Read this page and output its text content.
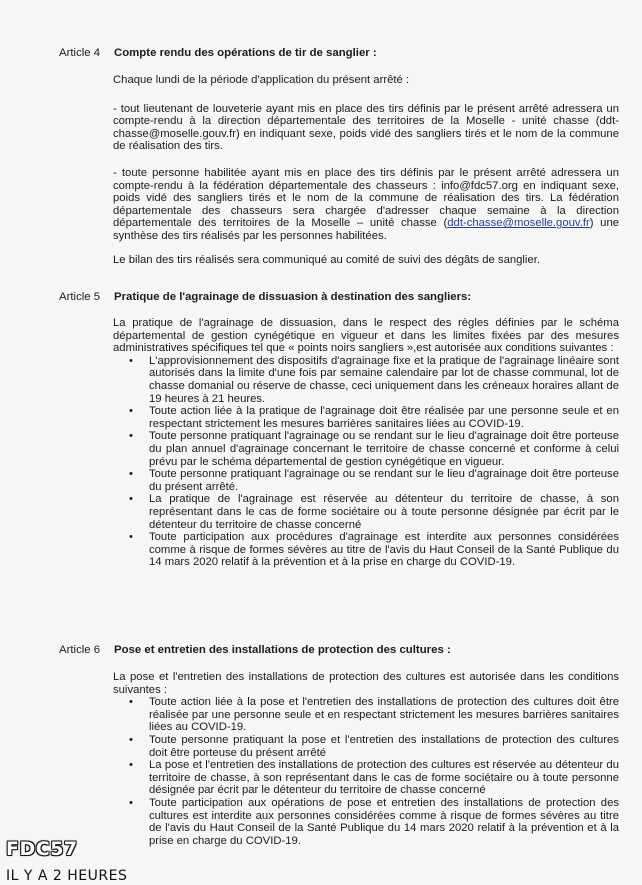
Article 4 Compte rendu des opérations de tir de sanglier :

Chaque lundi de la période d'application du présent arrêté :

- tout lieutenant de louveterie ayant mis en place des tirs définis par le présent arrêté adressera un compte-rendu à la direction départementale des territoires de la Moselle - unité chasse (ddt-chasse@moselle.gouv.fr) en indiquant sexe, poids vidé des sangliers tirés et le nom de la commune de réalisation des tirs.

- toute personne habilitée ayant mis en place des tirs définis par le présent arrêté adressera un compte-rendu à la fédération départementale des chasseurs : info@fdc57.org en indiquant sexe, poids vidé des sangliers tirés et le nom de la commune de réalisation des tirs. La fédération départementale des chasseurs sera chargée d'adresser chaque semaine à la direction départementale des territoires de la Moselle – unité chasse (ddt-chasse@moselle.gouv.fr) une synthèse des tirs réalisés par les personnes habilitées.

Le bilan des tirs réalisés sera communiqué au comité de suivi des dégâts de sanglier.

Article 5 Pratique de l'agrainage de dissuasion à destination des sangliers:

La pratique de l'agrainage de dissuasion, dans le respect des règles définies par le schéma départemental de gestion cynégétique en vigueur et dans les limites fixées par des mesures administratives spécifiques tel que « points noirs sangliers »,est autorisée aux conditions suivantes :

• L'approvisionnement des dispositifs d'agrainage fixe et la pratique de l'agrainage linéaire sont autorisés dans la limite d'une fois par semaine calendaire par lot de chasse communal, lot de chasse domanial ou réserve de chasse, ceci uniquement dans les créneaux horaires allant de 19 heures à 21 heures.
• Toute action liée à la pratique de l'agrainage doit être réalisée par une personne seule et en respectant strictement les mesures barrières sanitaires liées au COVID-19.
• Toute personne pratiquant l'agrainage ou se rendant sur le lieu d'agrainage doit être porteuse du plan annuel d'agrainage concernant le territoire de chasse concerné et conforme à celui prévu par le schéma départemental de gestion cynégétique en vigueur.
• Toute personne pratiquant l'agrainage ou se rendant sur le lieu d'agrainage doit être porteuse du présent arrêté.
• La pratique de l'agrainage est réservée au détenteur du territoire de chasse, à son représentant dans le cas de forme sociétaire ou à toute personne désignée par écrit par le détenteur du territoire de chasse concerné
• Toute participation aux procédures d'agrainage est interdite aux personnes considérées comme à risque de formes sévères au titre de l'avis du Haut Conseil de la Santé Publique du 14 mars 2020 relatif à la prévention et à la prise en charge du COVID-19.
Article 6 Pose et entretien des installations de protection des cultures :

La pose et l'entretien des installations de protection des cultures est autorisée dans les conditions suivantes :

• Toute action liée à la pose et l'entretien des installations de protection des cultures doit être réalisée par une personne seule et en respectant strictement les mesures barrières sanitaires liées au COVID-19.
• Toute personne pratiquant la pose et l'entretien des installations de protection des cultures doit être porteuse du présent arrêté
• La pose et l'entretien des installations de protection des cultures est réservée au détenteur du territoire de chasse, à son représentant dans le cas de forme sociétaire ou à toute personne désignée par écrit par le détenteur du territoire de chasse concerné
• Toute participation aux opérations de pose et entretien des installations de protection des cultures est interdite aux personnes considérées comme à risque de formes sévères au titre de l'avis du Haut Conseil de la Santé Publique du 14 mars 2020 relatif à la prévention et à la prise en charge du COVID-19.
FDC57
IL Y A 2 HEURES
